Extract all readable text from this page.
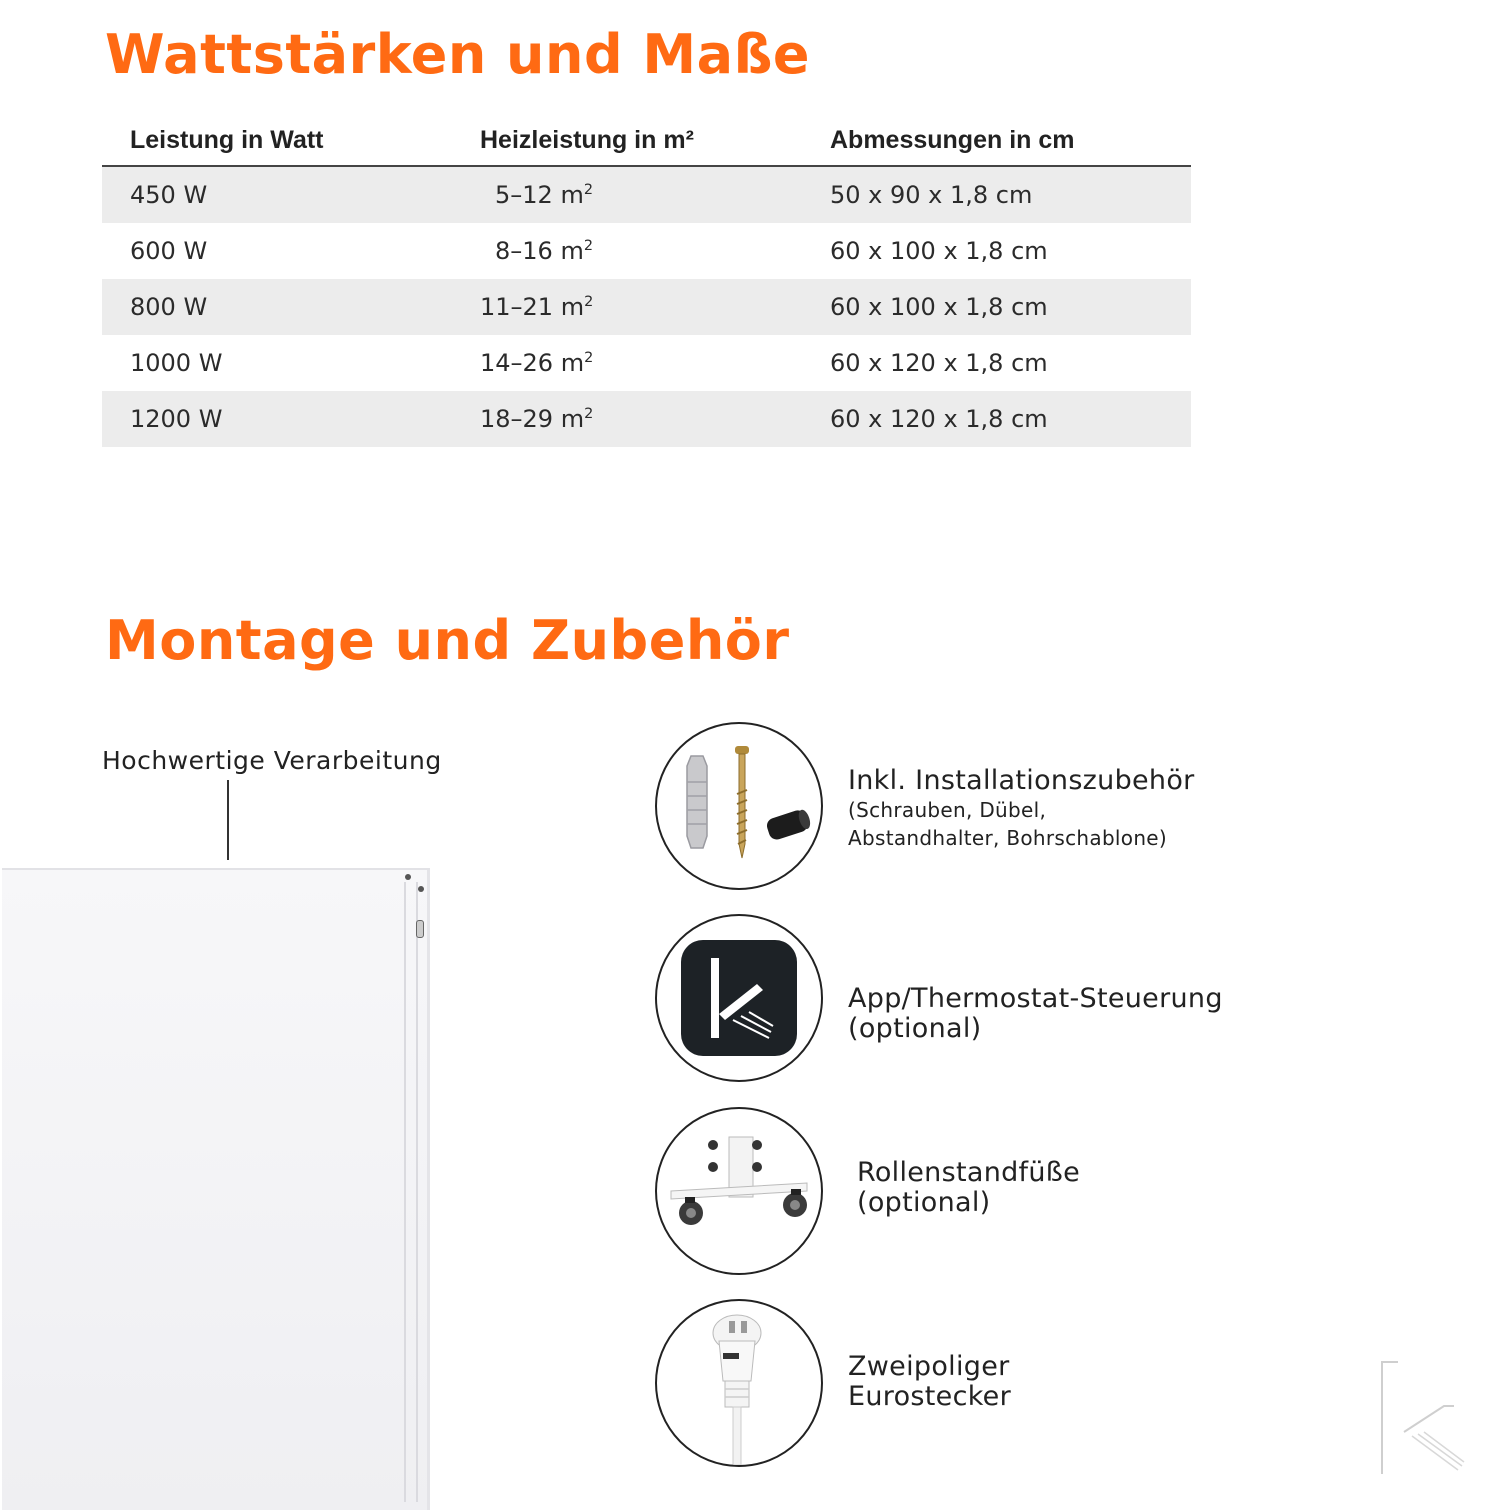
Wattstärken und Maße
Leistung in Watt	Heizleistung in m²	Abmessungen in cm
450 W	5–12 $m^2$	50 x 90 x 1,8 cm
600 W	8–16 $m^2$	60 x 100 x 1,8 cm
800 W	11–21 $m^2$	60 x 100 x 1,8 cm
1000 W	14–26 $m^2$	60 x 120 x 1,8 cm
1200 W	18–29 $m^2$	60 x 120 x 1,8 cm
Montage und Zubehör
Hochwertige Verarbeitung
Inkl. Installationszubehör
(Schrauben, Dübel,
Abstandhalter, Bohrschablone)
App/Thermostat-Steuerung
(optional)
Rollenstandfüße
(optional)
Zweipoliger
Eurostecker
